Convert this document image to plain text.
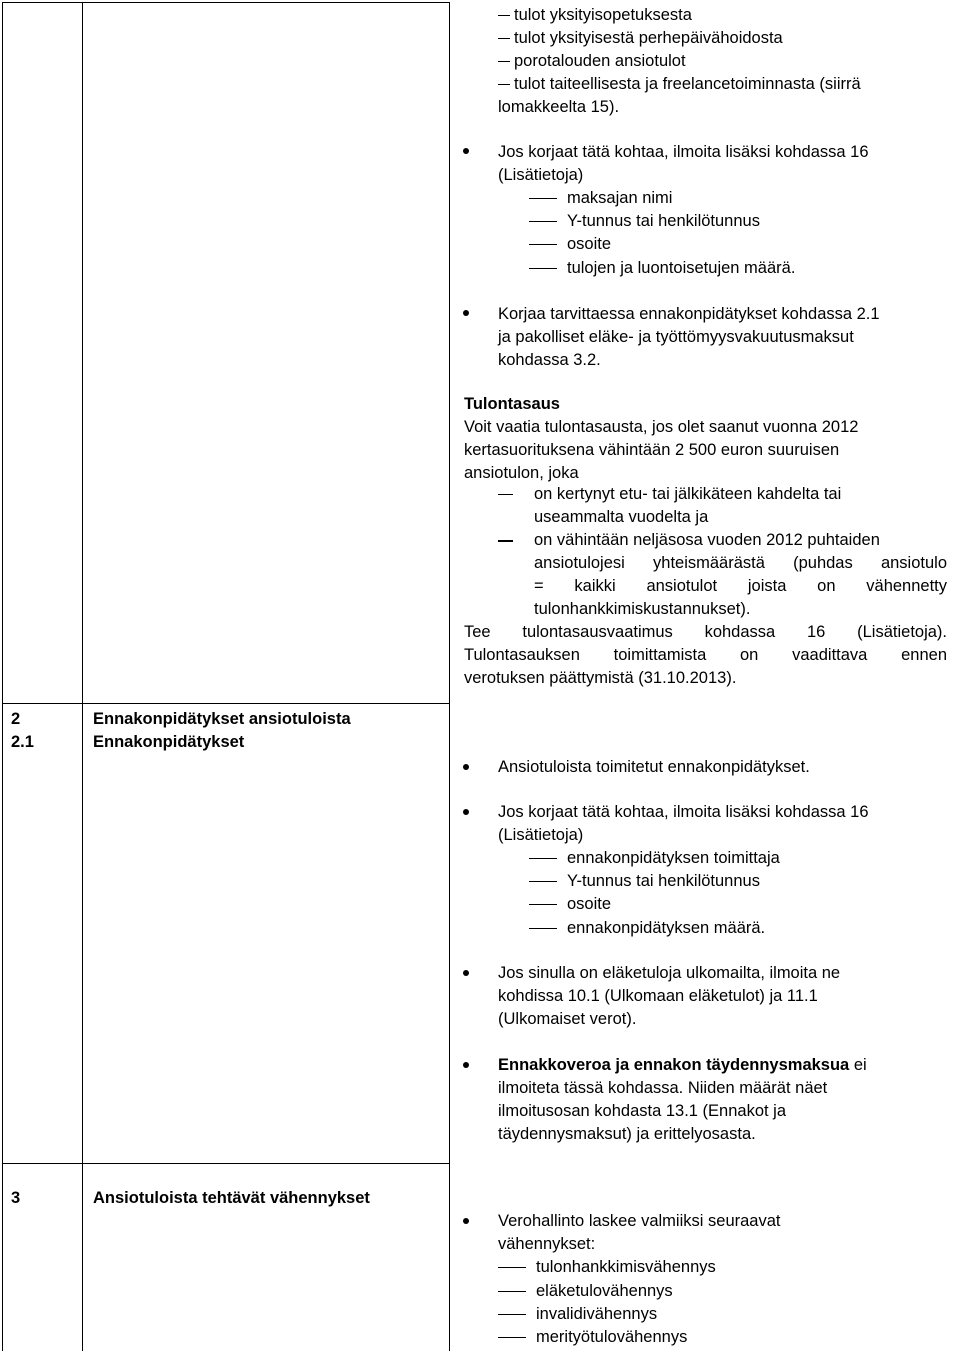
tulot yksityisopetuksesta
tulot yksityisestä perhepäivähoidosta
porotalouden ansiotulot
tulot taiteellisesta ja freelancetoiminnasta (siirrä
lomakkeelta 15).
Jos korjaat tätä kohtaa, ilmoita lisäksi kohdassa 16
(Lisätietoja)
maksajan nimi
Y-tunnus tai henkilötunnus
osoite
tulojen ja luontoisetujen määrä.
Korjaa tarvittaessa ennakonpidätykset kohdassa 2.1
ja pakolliset eläke- ja työttömyysvakuutusmaksut
kohdassa 3.2.
Tulontasaus
Voit vaatia tulontasausta, jos olet saanut vuonna 2012
kertasuorituksena vähintään 2 500 euron suuruisen
ansiotulon, joka
on kertynyt etu- tai jälkikäteen kahdelta tai
useammalta vuodelta ja
on vähintään neljäsosa vuoden 2012 puhtaiden
ansiotulojesi yhteismäärästä (puhdas ansiotulo
= kaikki ansiotulot joista on vähennetty
tulonhankkimiskustannukset).
Tee tulontasausvaatimus kohdassa 16 (Lisätietoja).
Tulontasauksen toimittamista on vaadittava ennen
verotuksen päättymistä (31.10.2013).
2	Ennakonpidätykset ansiotuloista
2.1	Ennakonpidätykset
Ansiotuloista toimitetut ennakonpidätykset.
Jos korjaat tätä kohtaa, ilmoita lisäksi kohdassa 16
(Lisätietoja)
ennakonpidätyksen toimittaja
Y-tunnus tai henkilötunnus
osoite
ennakonpidätyksen määrä.
Jos sinulla on eläketuloja ulkomailta, ilmoita ne
kohdissa 10.1 (Ulkomaan eläketulot) ja 11.1
(Ulkomaiset verot).
Ennakkoveroa ja ennakon täydennysmaksua ei
ilmoiteta tässä kohdassa. Niiden määrät näet
ilmoitusosan kohdasta 13.1 (Ennakot ja
täydennysmaksut) ja erittelyosasta.
3	Ansiotuloista tehtävät vähennykset
Verohallinto laskee valmiiksi seuraavat
vähennykset:
tulonhankkimisvähennys
eläketulovähennys
invalidivähennys
merityötulovähennys
